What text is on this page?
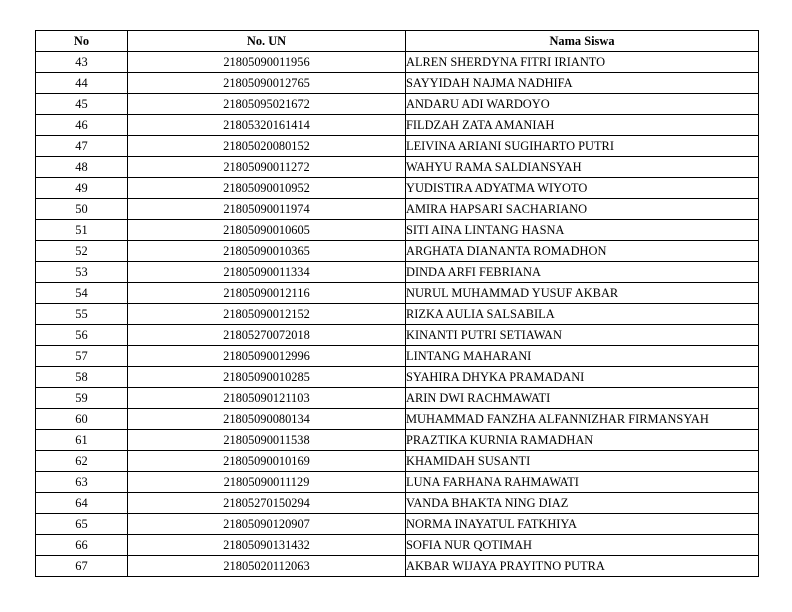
No	No. UN	Nama Siswa
43	21805090011956	ALREN SHERDYNA FITRI IRIANTO
44	21805090012765	SAYYIDAH NAJMA NADHIFA
45	21805095021672	ANDARU ADI WARDOYO
46	21805320161414	FILDZAH ZATA AMANIAH
47	21805020080152	LEIVINA ARIANI SUGIHARTO PUTRI
48	21805090011272	WAHYU RAMA SALDIANSYAH
49	21805090010952	YUDISTIRA ADYATMA WIYOTO
50	21805090011974	AMIRA HAPSARI SACHARIANO
51	21805090010605	SITI AINA LINTANG HASNA
52	21805090010365	ARGHATA DIANANTA ROMADHON
53	21805090011334	DINDA ARFI FEBRIANA
54	21805090012116	NURUL MUHAMMAD YUSUF AKBAR
55	21805090012152	RIZKA AULIA SALSABILA
56	21805270072018	KINANTI PUTRI SETIAWAN
57	21805090012996	LINTANG MAHARANI
58	21805090010285	SYAHIRA DHYKA PRAMADANI
59	21805090121103	ARIN DWI RACHMAWATI
60	21805090080134	MUHAMMAD FANZHA ALFANNIZHAR FIRMANSYAH
61	21805090011538	PRAZTIKA KURNIA RAMADHAN
62	21805090010169	KHAMIDAH SUSANTI
63	21805090011129	LUNA FARHANA RAHMAWATI
64	21805270150294	VANDA BHAKTA NING DIAZ
65	21805090120907	NORMA INAYATUL FATKHIYA
66	21805090131432	SOFIA NUR QOTIMAH
67	21805020112063	AKBAR WIJAYA PRAYITNO PUTRA
